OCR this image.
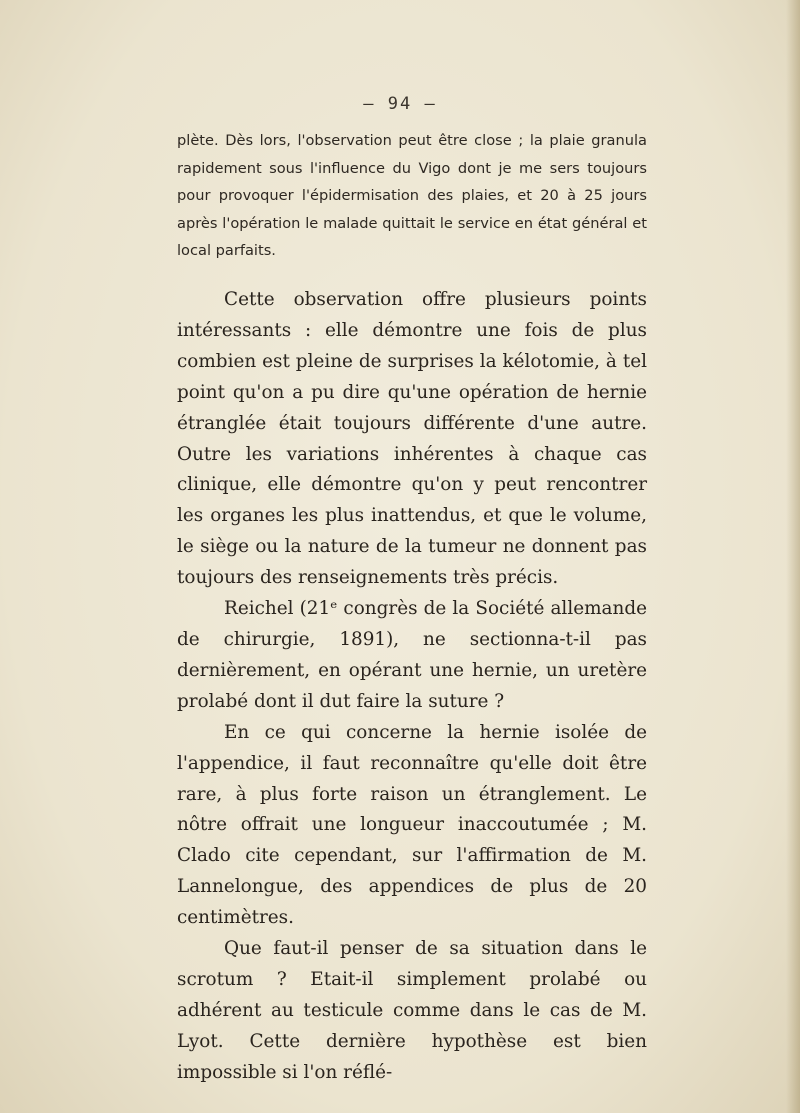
— 94 —
plète. Dès lors, l'observation peut être close ; la plaie granula rapidement sous l'influence du Vigo dont je me sers toujours pour provoquer l'épidermisation des plaies, et 20 à 25 jours après l'opération le malade quittait le service en état général et local parfaits.

Cette observation offre plusieurs points intéressants : elle démontre une fois de plus combien est pleine de surprises la kélotomie, à tel point qu'on a pu dire qu'une opération de hernie étranglée était toujours différente d'une autre. Outre les variations inhérentes à chaque cas clinique, elle démontre qu'on y peut rencontrer les organes les plus inattendus, et que le volume, le siège ou la nature de la tumeur ne donnent pas toujours des renseignements très précis.

Reichel (21ᵉ congrès de la Société allemande de chirurgie, 1891), ne sectionna-t-il pas dernièrement, en opérant une hernie, un uretère prolabé dont il dut faire la suture ?

En ce qui concerne la hernie isolée de l'appendice, il faut reconnaître qu'elle doit être rare, à plus forte raison un étranglement. Le nôtre offrait une longueur inaccoutumée ; M. Clado cite cependant, sur l'affirmation de M. Lannelongue, des appendices de plus de 20 centimètres.

Que faut-il penser de sa situation dans le scrotum ? Etait-il simplement prolabé ou adhérent au testicule comme dans le cas de M. Lyot. Cette dernière hypothèse est bien impossible si l'on réflé-
